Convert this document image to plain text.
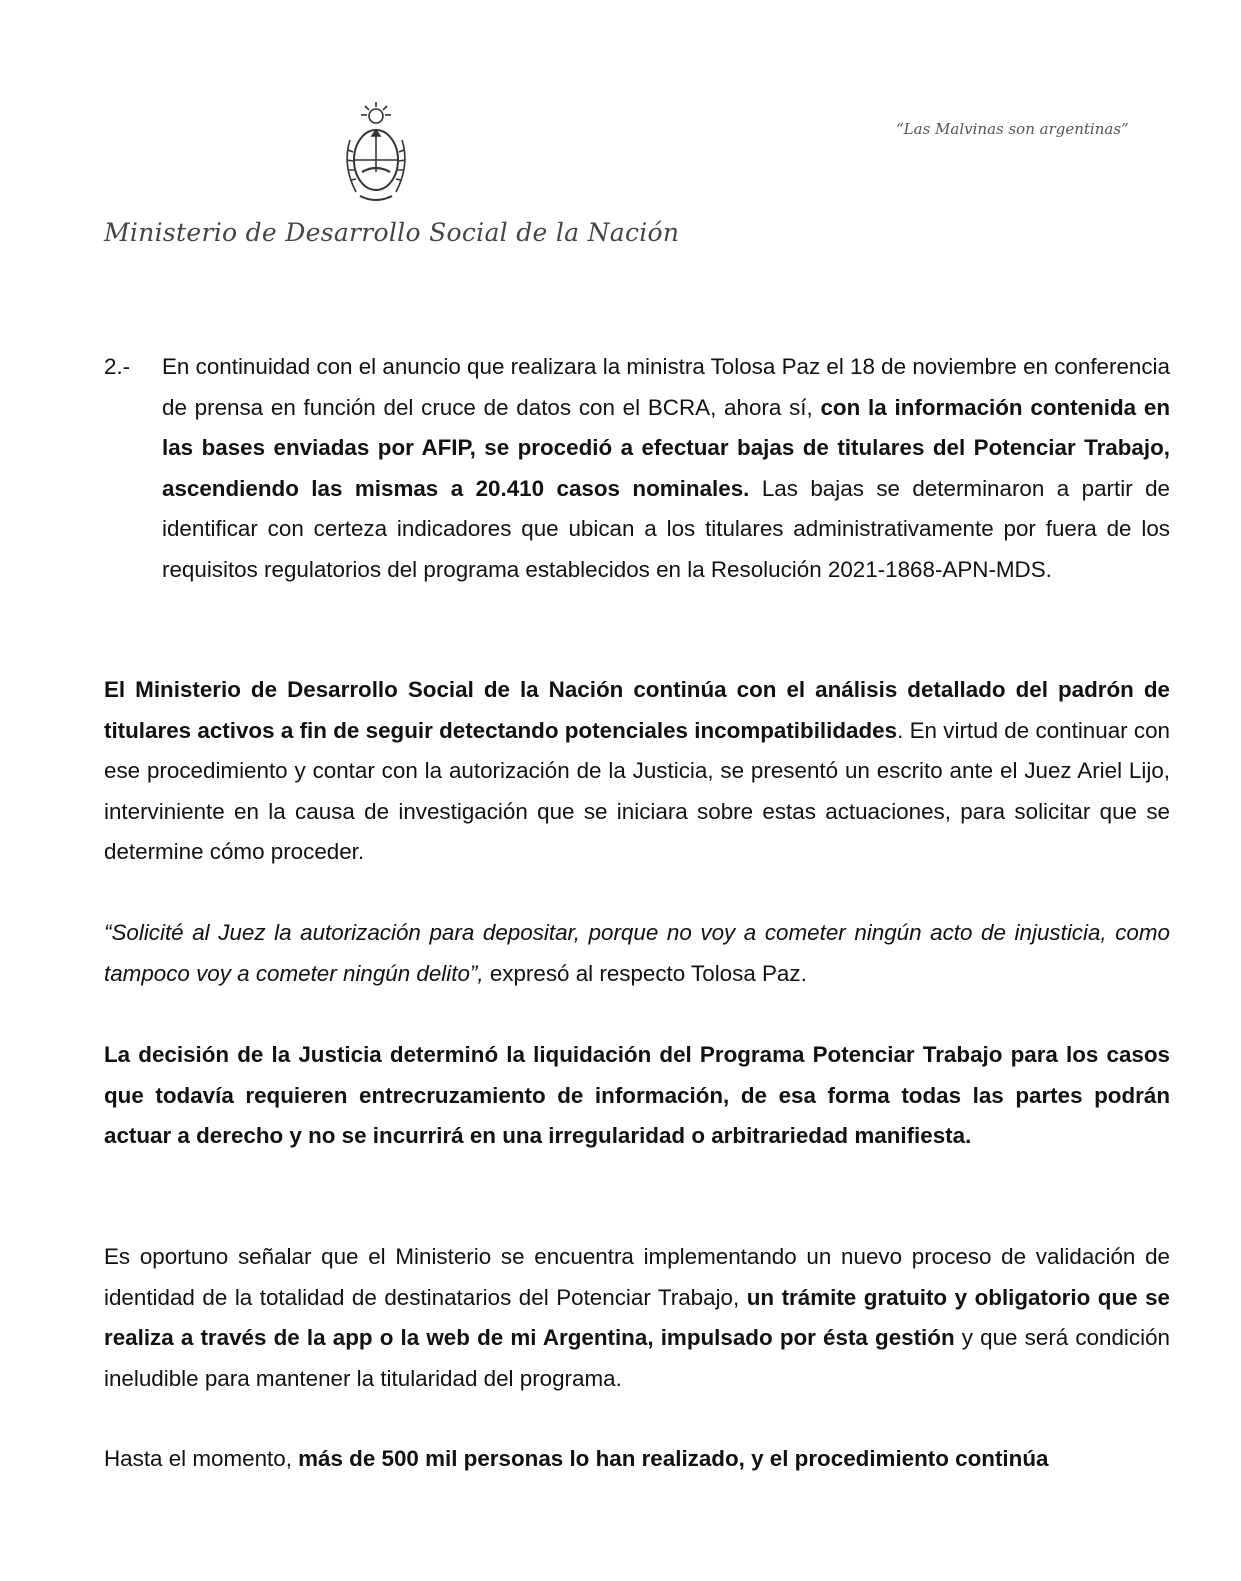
Ministerio de Desarrollo Social de la Nación
“Las Malvinas son argentinas”
2.- En continuidad con el anuncio que realizara la ministra Tolosa Paz el 18 de noviembre en conferencia de prensa en función del cruce de datos con el BCRA, ahora sí, con la información contenida en las bases enviadas por AFIP, se procedió a efectuar bajas de titulares del Potenciar Trabajo, ascendiendo las mismas a 20.410 casos nominales. Las bajas se determinaron a partir de identificar con certeza indicadores que ubican a los titulares administrativamente por fuera de los requisitos regulatorios del programa establecidos en la Resolución 2021-1868-APN-MDS.

El Ministerio de Desarrollo Social de la Nación continúa con el análisis detallado del padrón de titulares activos a fin de seguir detectando potenciales incompatibilidades. En virtud de continuar con ese procedimiento y contar con la autorización de la Justicia, se presentó un escrito ante el Juez Ariel Lijo, interviniente en la causa de investigación que se iniciara sobre estas actuaciones, para solicitar que se determine cómo proceder.

“Solicité al Juez la autorización para depositar, porque no voy a cometer ningún acto de injusticia, como tampoco voy a cometer ningún delito”, expresó al respecto Tolosa Paz.

La decisión de la Justicia determinó la liquidación del Programa Potenciar Trabajo para los casos que todavía requieren entrecruzamiento de información, de esa forma todas las partes podrán actuar a derecho y no se incurrirá en una irregularidad o arbitrariedad manifiesta.

Es oportuno señalar que el Ministerio se encuentra implementando un nuevo proceso de validación de identidad de la totalidad de destinatarios del Potenciar Trabajo, un trámite gratuito y obligatorio que se realiza a través de la app o la web de mi Argentina, impulsado por ésta gestión y que será condición ineludible para mantener la titularidad del programa.

Hasta el momento, más de 500 mil personas lo han realizado, y el procedimiento continúa
